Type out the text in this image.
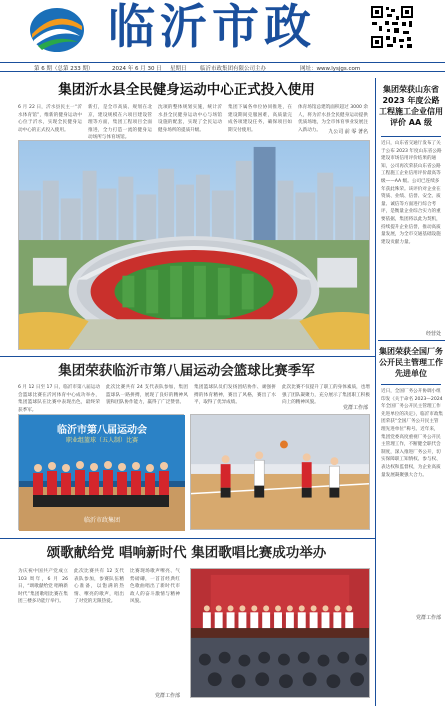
临沂市政
第 6 期（总第 233 期）	2024 年 6 月 30 日 星期日 临沂市政集团有限公司主办	网址：www.lysjgs.com
集团沂水县全民健身运动中心正式投入使用
6 月 22 日，沂水县民主一“沂水体育馆”，维新的健身运动中心位于沂水，实现全民健身运动中心的正式投入使用。
新打，是全市高质、规划在北京，建设规模在六项目建设管理等方面，集团工程项目全面推进，全力打造一流的健身运动场所与体育场馆。
沈项的整体规划实施，统计沂水县全民健身运动中心与场馆设施的配套，实现了全民运动健身场所的提质升级。
集团下属各单位协同推进，在建设期间克服困难，高质量完成各项建设任务，确保项目如期交付使用。
体育场馆总建筑面积超过 3000 余人，将为沂水县全民健身运动提供优质场地，为全市体育事业发展注入新动力。	九公司 前 零 著名
集团荣获山东省2023 年度公路工程施工企业信用评价 AA 级
近日，山东省交通厅发布了关于公布 2023 年度山东省公路建设市场信用评价结果的通知，公司再次荣获山东省公路工程施工企业信用评价最高等级——AA 级。公司已连续多年获此殊荣。该评价对企业在资质、业绩、信誉、安全、质量、诚信等方面进行综合考评，是衡量企业综合实力的重要依据，集团将以此为契机，持续提升企业信誉，推动高质量发展，为全市交通基础设施建设贡献力量。
经营处
集团荣获全国厂务公开民主管理工作先进单位
近日，全国厂务公开协调小组印发《关于命名 2023—2024 年全国厂务公开民主管理工作先进单位的决定》，临沂市政集团荣获“全国厂务公开民主管理先进单位”称号。近年来，集团党委高度重视厂务公开民主管理工作，不断健全职代会制度，深入推进厂务公开，切实保障职工知情权、参与权、表达权和监督权，为企业高质量发展凝聚强大合力。
党群工作部
集团荣获临沂市第八届运动会篮球比赛季军
6 月 12 日至 17 日，临沂市第八届运动会篮球比赛在沂河体育中心成功举办，集团篮球队在比赛中表现出色，最终荣获季军。
此次比赛共有 24 支代表队参加，集团篮球队一路拼搏，展现了良好的精神风貌和团队协作能力，赢得了广泛赞誉。
集团篮球队员们发扬团结协作、顽强拼搏的体育精神，赛出了风格，赛出了水平，取得了优异成绩。
此次比赛不仅提升了职工的身体素质，也增强了团队凝聚力，充分展示了集团职工积极向上的精神风貌。
党群工作部
临沂市第八届运动会
职业组篮球（五人制）比赛
临沂市政集团
颂歌献给党 唱响新时代 集团歌唱比赛成功举办
为庆祝中国共产党成立 103 周年，6 月 26 日，“颂歌献给党 唱响新时代”集团歌唱比赛在集团三楼多功能厅举行。
此次比赛共有 12 支代表队参加，参赛队伍精心准备，以饱满的热情、嘹亮的歌声，唱出了对党的无限热爱。
比赛现场歌声嘹亮、气势磅礴，一首首经典红色歌曲唱出了新时代市政人的奋斗激情与精神风貌。
党群工作部
